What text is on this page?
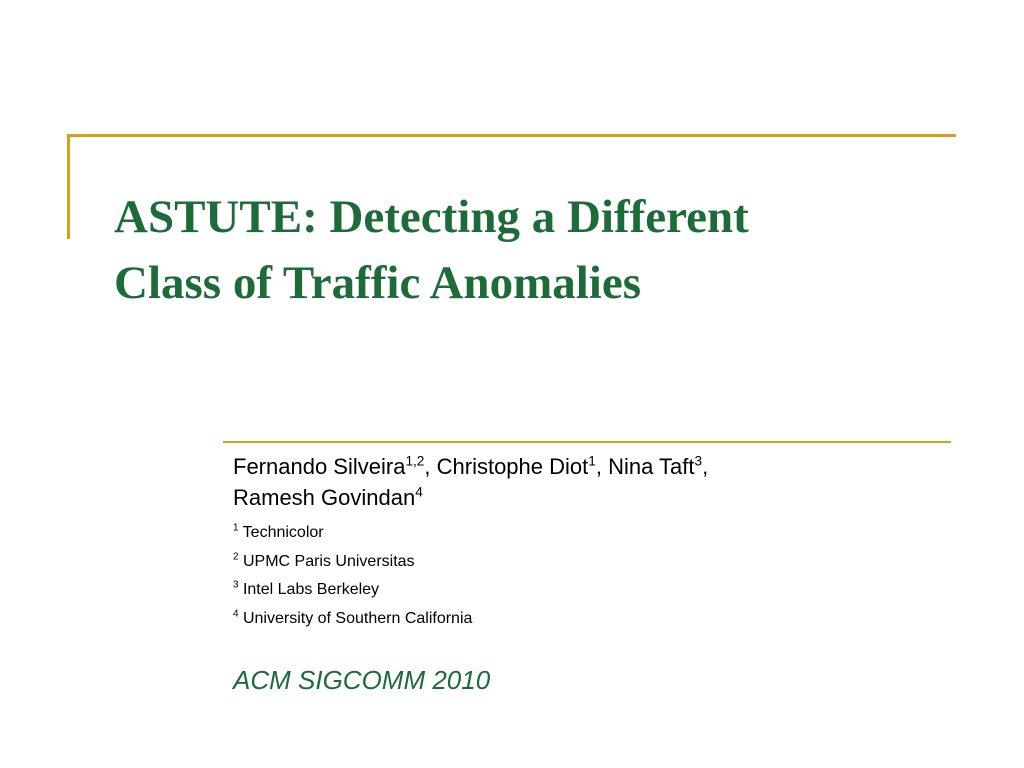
ASTUTE: Detecting a Different
Class of Traffic Anomalies

Fernando Silveira$^{1,2}$, Christophe Diot$^1$, Nina Taft$^3$,
Ramesh Govindan$^4$

$^1$ Technicolor
$^2$ UPMC Paris Universitas
$^3$ Intel Labs Berkeley
$^4$ University of Southern California

ACM SIGCOMM 2010
